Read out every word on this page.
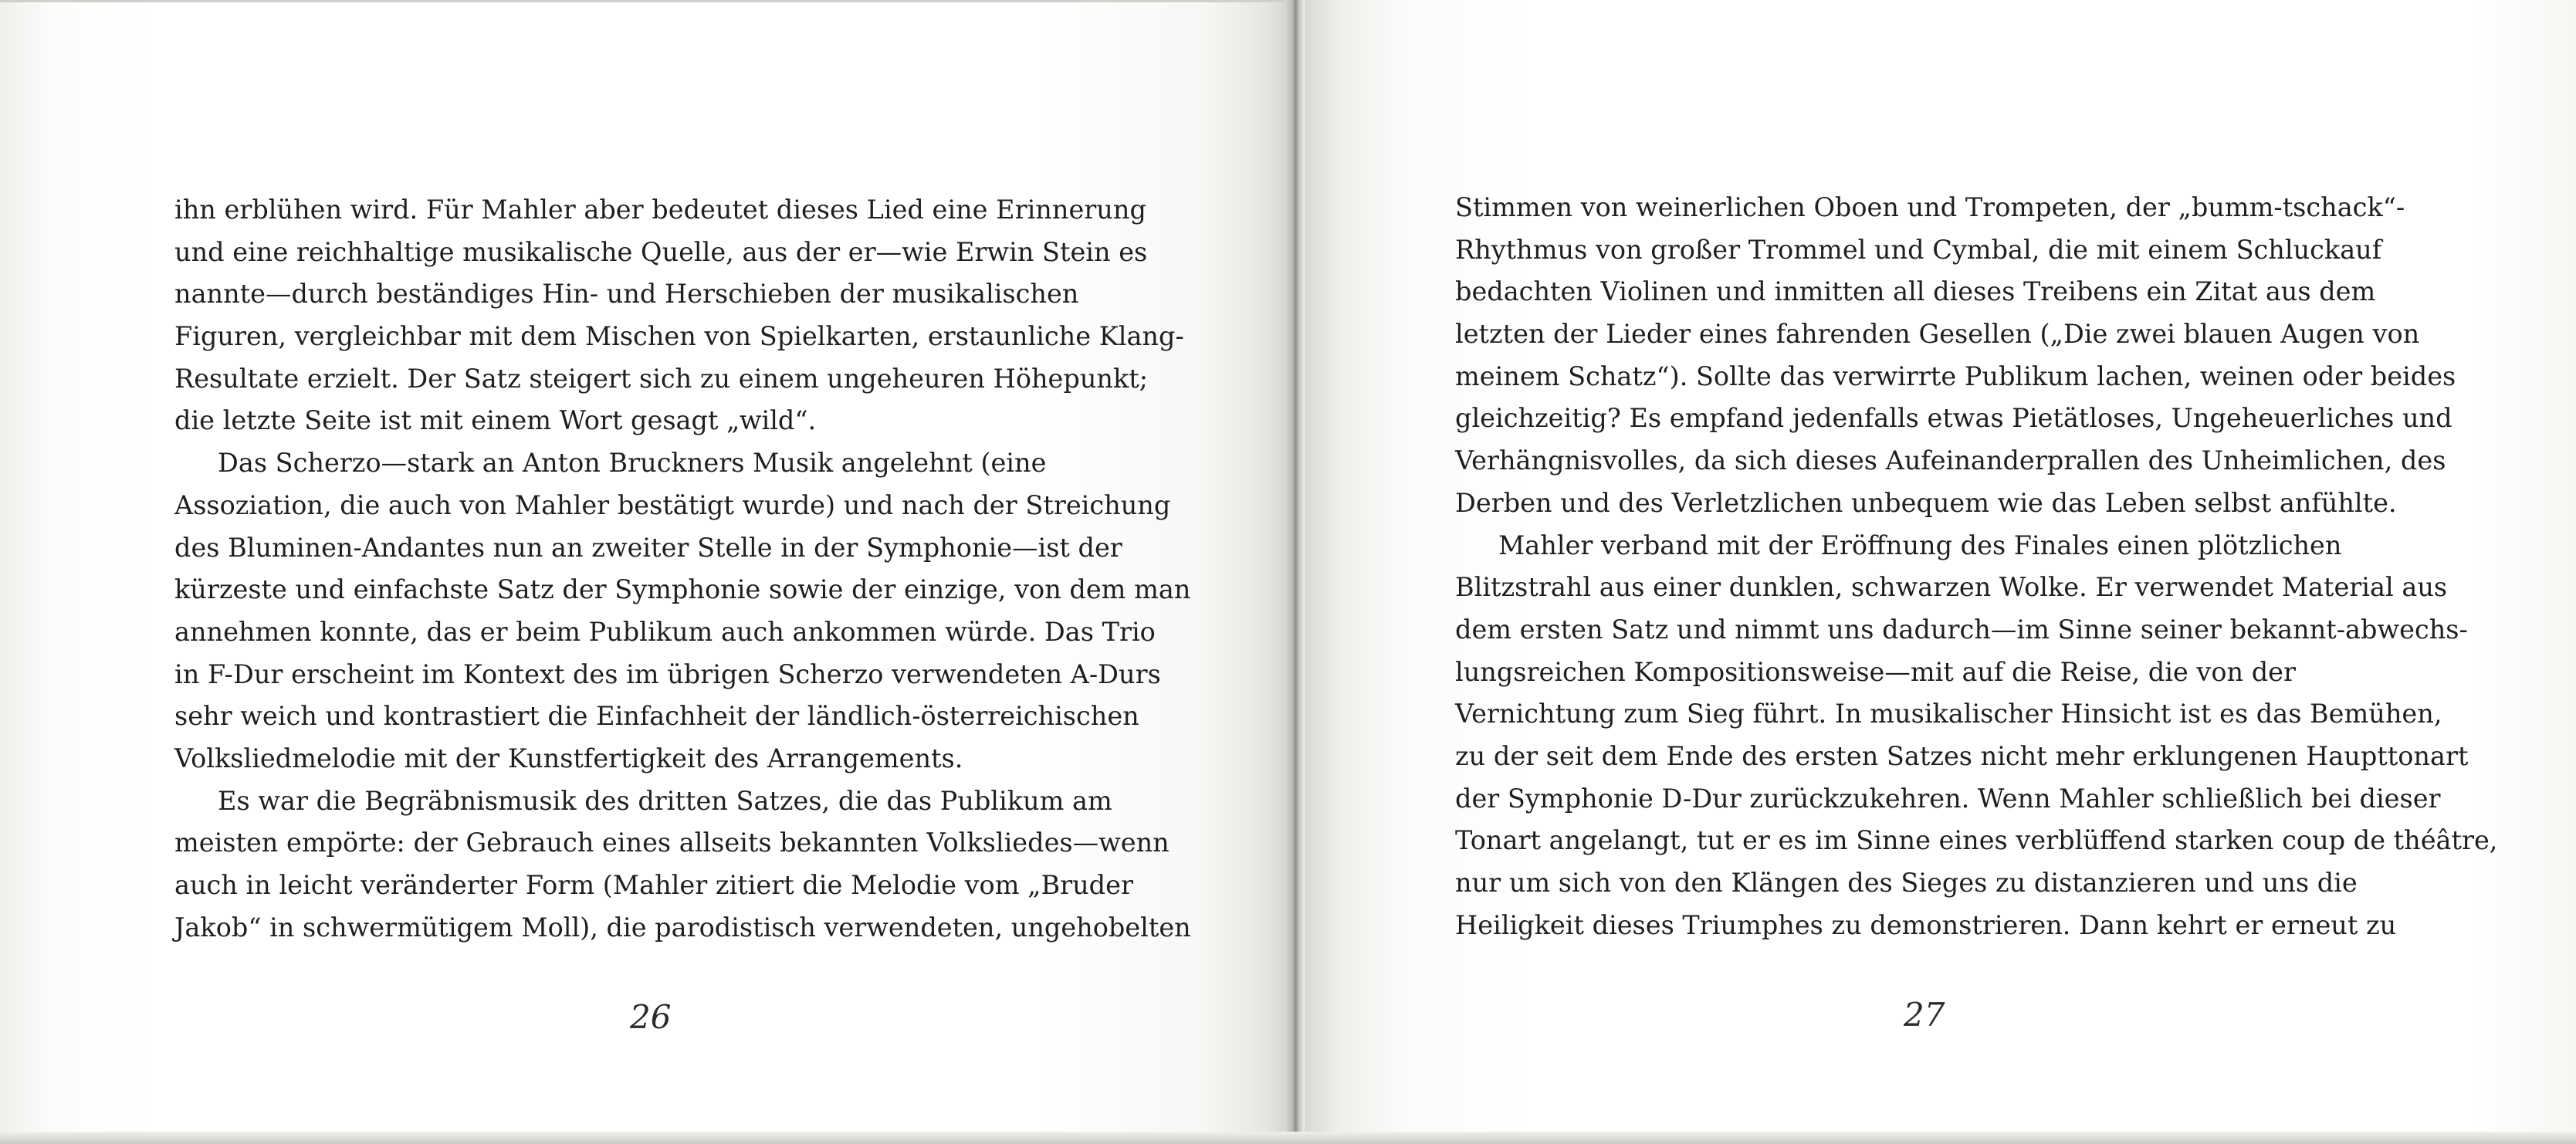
ihn erblühen wird. Für Mahler aber bedeutet dieses Lied eine Erinnerung
und eine reichhaltige musikalische Quelle, aus der er—wie Erwin Stein es
nannte—durch beständiges Hin- und Herschieben der musikalischen
Figuren, vergleichbar mit dem Mischen von Spielkarten, erstaunliche Klang-
Resultate erzielt. Der Satz steigert sich zu einem ungeheuren Höhepunkt;
die letzte Seite ist mit einem Wort gesagt „wild“.
Das Scherzo—stark an Anton Bruckners Musik angelehnt (eine
Assoziation, die auch von Mahler bestätigt wurde) und nach der Streichung
des Bluminen-Andantes nun an zweiter Stelle in der Symphonie—ist der
kürzeste und einfachste Satz der Symphonie sowie der einzige, von dem man
annehmen konnte, das er beim Publikum auch ankommen würde. Das Trio
in F-Dur erscheint im Kontext des im übrigen Scherzo verwendeten A-Durs
sehr weich und kontrastiert die Einfachheit der ländlich-österreichischen
Volksliedmelodie mit der Kunstfertigkeit des Arrangements.
Es war die Begräbnismusik des dritten Satzes, die das Publikum am
meisten empörte: der Gebrauch eines allseits bekannten Volksliedes—wenn
auch in leicht veränderter Form (Mahler zitiert die Melodie vom „Bruder
Jakob“ in schwermütigem Moll), die parodistisch verwendeten, ungehobelten
26
Stimmen von weinerlichen Oboen und Trompeten, der „bumm-tschack“-
Rhythmus von großer Trommel und Cymbal, die mit einem Schluckauf
bedachten Violinen und inmitten all dieses Treibens ein Zitat aus dem
letzten der Lieder eines fahrenden Gesellen („Die zwei blauen Augen von
meinem Schatz“). Sollte das verwirrte Publikum lachen, weinen oder beides
gleichzeitig? Es empfand jedenfalls etwas Pietätloses, Ungeheuerliches und
Verhängnisvolles, da sich dieses Aufeinanderprallen des Unheimlichen, des
Derben und des Verletzlichen unbequem wie das Leben selbst anfühlte.
Mahler verband mit der Eröffnung des Finales einen plötzlichen
Blitzstrahl aus einer dunklen, schwarzen Wolke. Er verwendet Material aus
dem ersten Satz und nimmt uns dadurch—im Sinne seiner bekannt-abwechs-
lungsreichen Kompositionsweise—mit auf die Reise, die von der
Vernichtung zum Sieg führt. In musikalischer Hinsicht ist es das Bemühen,
zu der seit dem Ende des ersten Satzes nicht mehr erklungenen Haupttonart
der Symphonie D-Dur zurückzukehren. Wenn Mahler schließlich bei dieser
Tonart angelangt, tut er es im Sinne eines verblüffend starken coup de théâtre,
nur um sich von den Klängen des Sieges zu distanzieren und uns die
Heiligkeit dieses Triumphes zu demonstrieren. Dann kehrt er erneut zu
27
